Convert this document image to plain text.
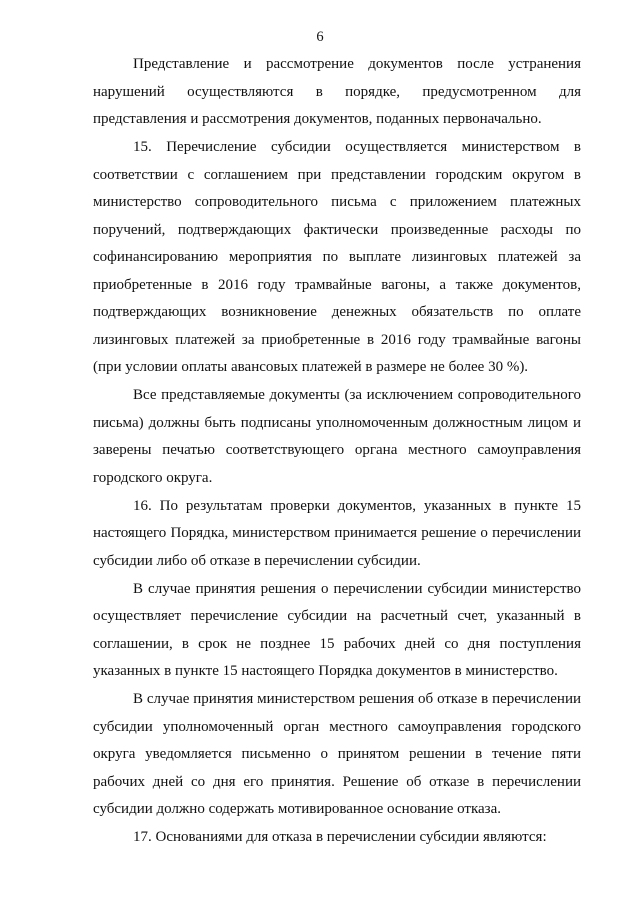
6

Представление и рассмотрение документов после устранения нарушений осуществляются в порядке, предусмотренном для представления и рассмотрения документов, поданных первоначально.

15. Перечисление субсидии осуществляется министерством в соответствии с соглашением при представлении городским округом в министерство сопроводительного письма с приложением платежных поручений, подтверждающих фактически произведенные расходы по софинансированию мероприятия по выплате лизинговых платежей за приобретенные в 2016 году трамвайные вагоны, а также документов, подтверждающих возникновение денежных обязательств по оплате лизинговых платежей за приобретенные в 2016 году трамвайные вагоны (при условии оплаты авансовых платежей в размере не более 30 %).

Все представляемые документы (за исключением сопроводительного письма) должны быть подписаны уполномоченным должностным лицом и заверены печатью соответствующего органа местного самоуправления городского округа.

16. По результатам проверки документов, указанных в пункте 15 настоящего Порядка, министерством принимается решение о перечислении субсидии либо об отказе в перечислении субсидии.

В случае принятия решения о перечислении субсидии министерство осуществляет перечисление субсидии на расчетный счет, указанный в соглашении, в срок не позднее 15 рабочих дней со дня поступления указанных в пункте 15 настоящего Порядка документов в министерство.

В случае принятия министерством решения об отказе в перечислении субсидии уполномоченный орган местного самоуправления городского округа уведомляется письменно о принятом решении в течение пяти рабочих дней со дня его принятия. Решение об отказе в перечислении субсидии должно содержать мотивированное основание отказа.

17. Основаниями для отказа в перечислении субсидии являются:
